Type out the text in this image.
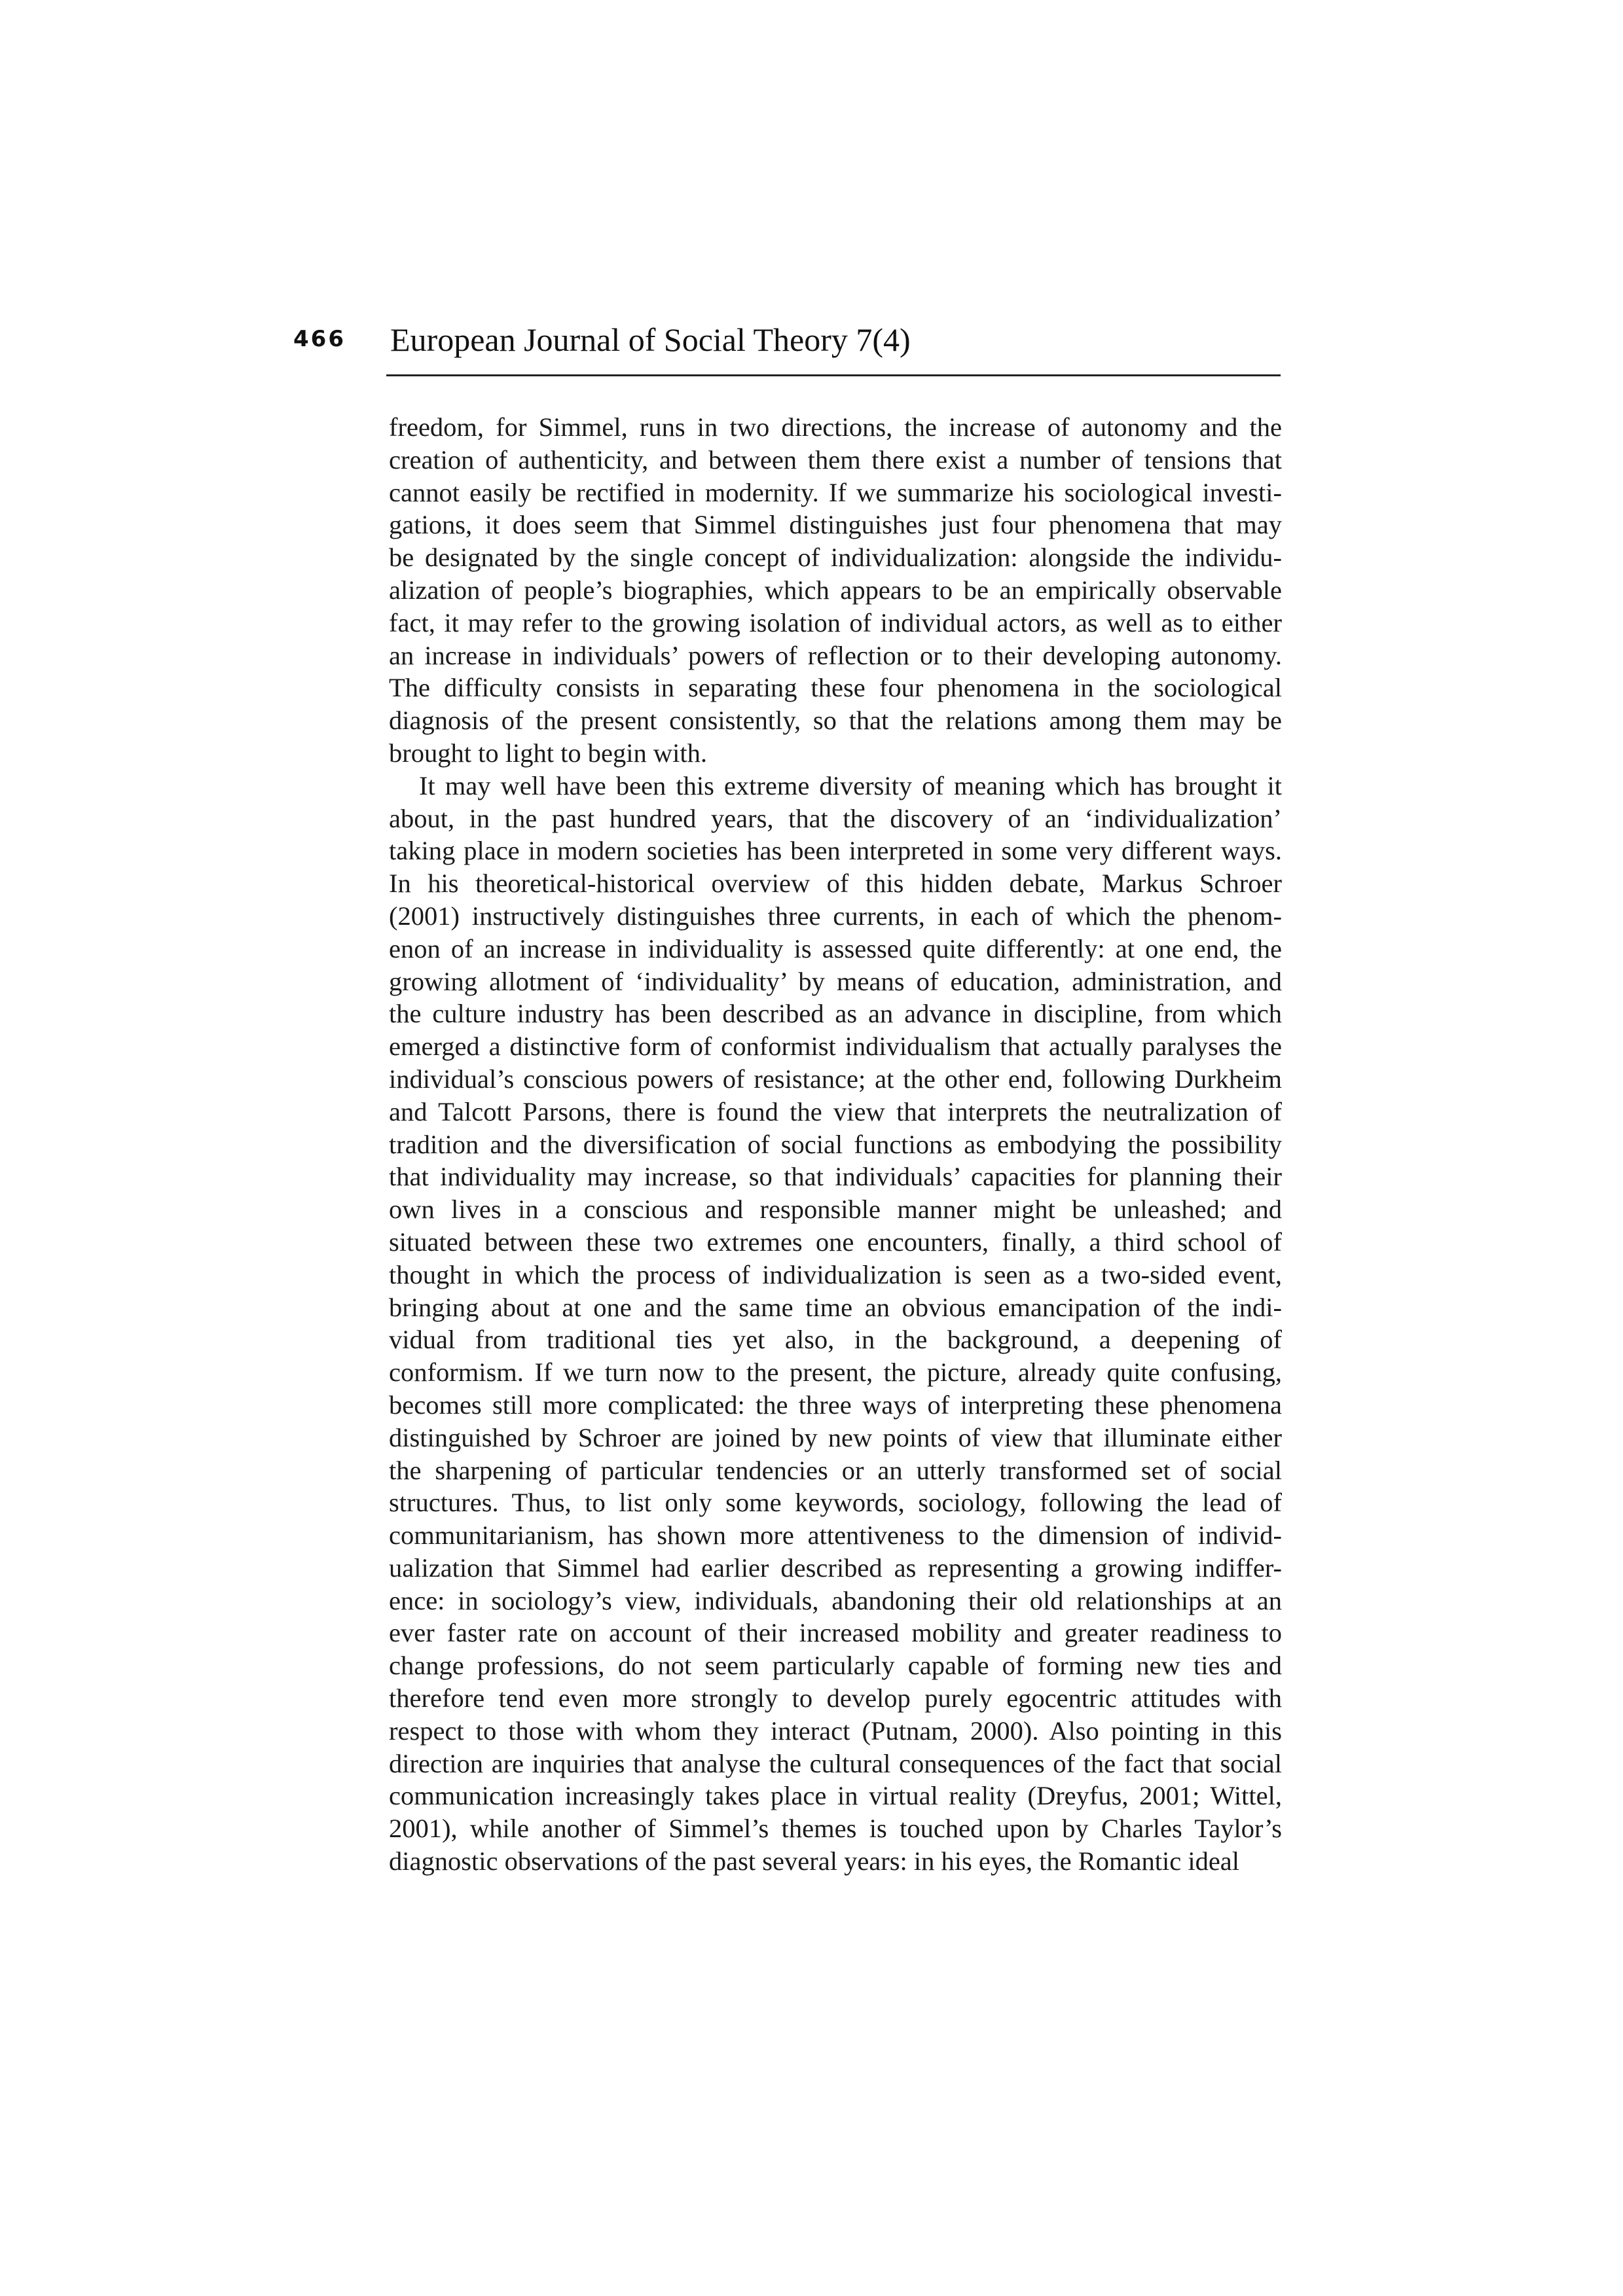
466	European Journal of Social Theory 7(4)
freedom, for Simmel, runs in two directions, the increase of autonomy and the
creation of authenticity, and between them there exist a number of tensions that
cannot easily be rectified in modernity. If we summarize his sociological investi-
gations, it does seem that Simmel distinguishes just four phenomena that may
be designated by the single concept of individualization: alongside the individu-
alization of people’s biographies, which appears to be an empirically observable
fact, it may refer to the growing isolation of individual actors, as well as to either
an increase in individuals’ powers of reflection or to their developing autonomy.
The difficulty consists in separating these four phenomena in the sociological
diagnosis of the present consistently, so that the relations among them may be
brought to light to begin with.
It may well have been this extreme diversity of meaning which has brought it
about, in the past hundred years, that the discovery of an ‘individualization’
taking place in modern societies has been interpreted in some very different ways.
In his theoretical-historical overview of this hidden debate, Markus Schroer
(2001) instructively distinguishes three currents, in each of which the phenom-
enon of an increase in individuality is assessed quite differently: at one end, the
growing allotment of ‘individuality’ by means of education, administration, and
the culture industry has been described as an advance in discipline, from which
emerged a distinctive form of conformist individualism that actually paralyses the
individual’s conscious powers of resistance; at the other end, following Durkheim
and Talcott Parsons, there is found the view that interprets the neutralization of
tradition and the diversification of social functions as embodying the possibility
that individuality may increase, so that individuals’ capacities for planning their
own lives in a conscious and responsible manner might be unleashed; and
situated between these two extremes one encounters, finally, a third school of
thought in which the process of individualization is seen as a two-sided event,
bringing about at one and the same time an obvious emancipation of the indi-
vidual from traditional ties yet also, in the background, a deepening of
conformism. If we turn now to the present, the picture, already quite confusing,
becomes still more complicated: the three ways of interpreting these phenomena
distinguished by Schroer are joined by new points of view that illuminate either
the sharpening of particular tendencies or an utterly transformed set of social
structures. Thus, to list only some keywords, sociology, following the lead of
communitarianism, has shown more attentiveness to the dimension of individ-
ualization that Simmel had earlier described as representing a growing indiffer-
ence: in sociology’s view, individuals, abandoning their old relationships at an
ever faster rate on account of their increased mobility and greater readiness to
change professions, do not seem particularly capable of forming new ties and
therefore tend even more strongly to develop purely egocentric attitudes with
respect to those with whom they interact (Putnam, 2000). Also pointing in this
direction are inquiries that analyse the cultural consequences of the fact that social
communication increasingly takes place in virtual reality (Dreyfus, 2001; Wittel,
2001), while another of Simmel’s themes is touched upon by Charles Taylor’s
diagnostic observations of the past several years: in his eyes, the Romantic ideal
